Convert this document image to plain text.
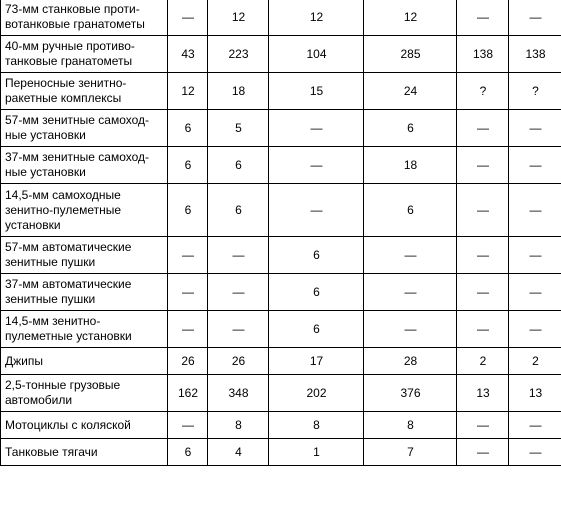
73-мм станковые проти-
вотанковые гранатометы	—	12	12	12	—	—
40-мм ручные противо-
танковые гранатометы	43	223	104	285	138	138
Переносные зенитно-
ракетные комплексы	12	18	15	24	?	?
57-мм зенитные самоход-
ные установки	6	5	—	6	—	—
37-мм зенитные самоход-
ные установки	6	6	—	18	—	—
14,5-мм самоходные
зенитно-пулеметные
установки	6	6	—	6	—	—
57-мм автоматические
зенитные пушки	—	—	6	—	—	—
37-мм автоматические
зенитные пушки	—	—	6	—	—	—
14,5-мм зенитно-
пулеметные установки	—	—	6	—	—	—
Джипы	26	26	17	28	2	2
2,5-тонные грузовые
автомобили	162	348	202	376	13	13
Мотоциклы с коляской	—	8	8	8	—	—
Танковые тягачи	6	4	1	7	—	—
